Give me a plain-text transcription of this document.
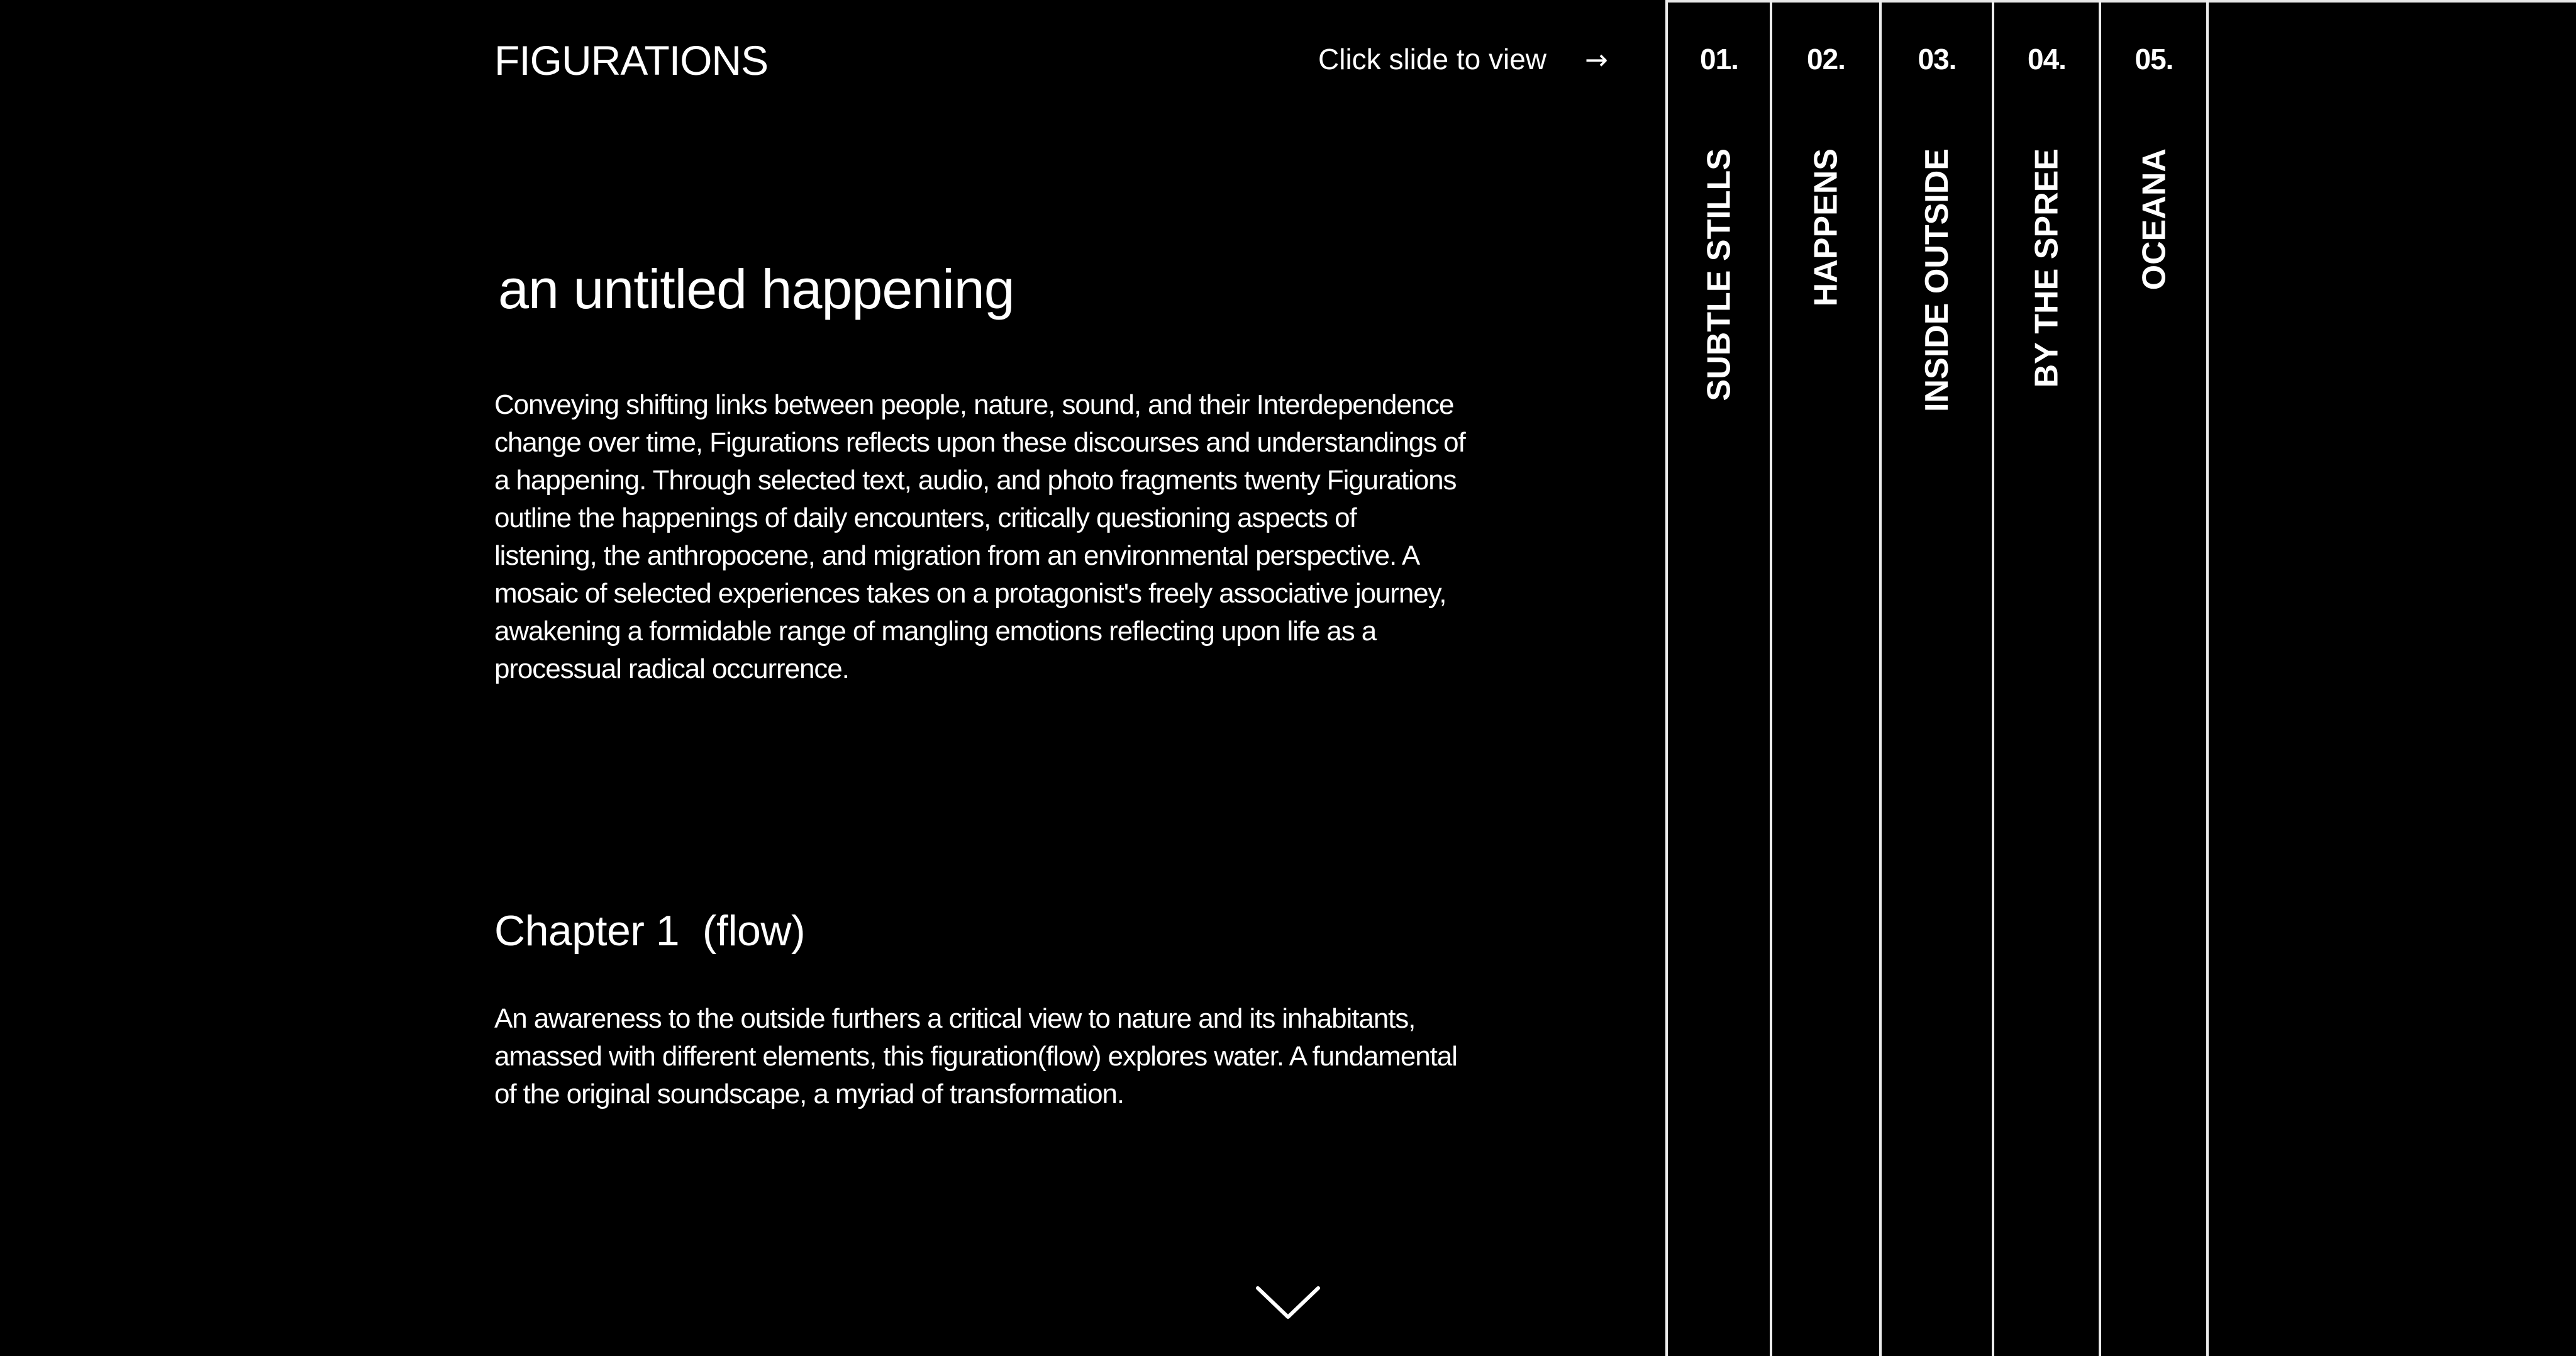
FIGURATIONS	Click slide to view →
an untitled happening

Conveying shifting links between people, nature, sound, and their Interdependence
change over time, Figurations reflects upon these discourses and understandings of
a happening. Through selected text, audio, and photo fragments twenty Figurations
outline the happenings of daily encounters, critically questioning aspects of
listening, the anthropocene, and migration from an environmental perspective. A
mosaic of selected experiences takes on a protagonist's freely associative journey,
awakening a formidable range of mangling emotions reflecting upon life as a
processual radical occurrence.

Chapter 1  (flow)

An awareness to the outside furthers a critical view to nature and its inhabitants,
amassed with different elements, this figuration(flow) explores water. A fundamental
of the original soundscape, a myriad of transformation.

01.
SUBTLE STILLS
02.
HAPPENS
03.
INSIDE OUTSIDE
04.
BY THE SPREE
05.
OCEANA
